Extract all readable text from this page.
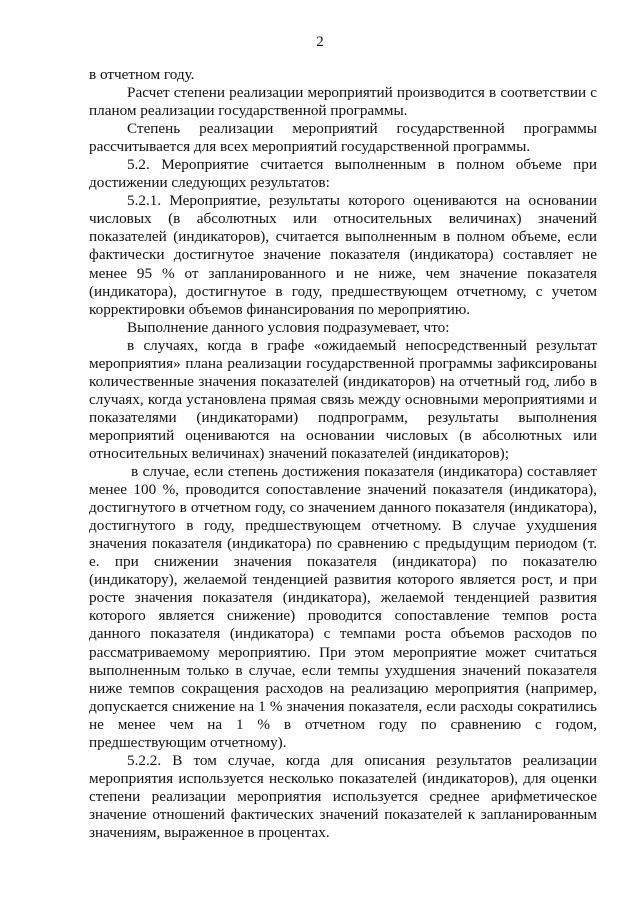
2

в отчетном году.

Расчет степени реализации мероприятий производится в соответствии с планом реализации государственной программы.

Степень реализации мероприятий государственной программы рассчитывается для всех мероприятий государственной программы.

5.2. Мероприятие считается выполненным в полном объеме при достижении следующих результатов:

5.2.1. Мероприятие, результаты которого оцениваются на основании числовых (в абсолютных или относительных величинах) значений показателей (индикаторов), считается выполненным в полном объеме, если фактически достигнутое значение показателя (индикатора) составляет не менее 95 % от запланированного и не ниже, чем значение показателя (индикатора), достигнутое в году, предшествующем отчетному, с учетом корректировки объемов финансирования по мероприятию.

Выполнение данного условия подразумевает, что:

в случаях, когда в графе «ожидаемый непосредственный результат мероприятия» плана реализации государственной программы зафиксированы количественные значения показателей (индикаторов) на отчетный год, либо в случаях, когда установлена прямая связь между основными мероприятиями и показателями (индикаторами) подпрограмм, результаты выполнения мероприятий оцениваются на основании числовых (в абсолютных или относительных величинах) значений показателей (индикаторов);

в случае, если степень достижения показателя (индикатора) составляет менее 100 %, проводится сопоставление значений показателя (индикатора), достигнутого в отчетном году, со значением данного показателя (индикатора), достигнутого в году, предшествующем отчетному. В случае ухудшения значения показателя (индикатора) по сравнению с предыдущим периодом (т. е. при снижении значения показателя (индикатора) по показателю (индикатору), желаемой тенденцией развития которого является рост, и при росте значения показателя (индикатора), желаемой тенденцией развития которого является снижение) проводится сопоставление темпов роста данного показателя (индикатора) с темпами роста объемов расходов по рассматриваемому мероприятию. При этом мероприятие может считаться выполненным только в случае, если темпы ухудшения значений показателя ниже темпов сокращения расходов на реализацию мероприятия (например, допускается снижение на 1 % значения показателя, если расходы сократились не менее чем на 1 % в отчетном году по сравнению с годом, предшествующим отчетному).

5.2.2. В том случае, когда для описания результатов реализации мероприятия используется несколько показателей (индикаторов), для оценки степени реализации мероприятия используется среднее арифметическое значение отношений фактических значений показателей к запланированным значениям, выраженное в процентах.
